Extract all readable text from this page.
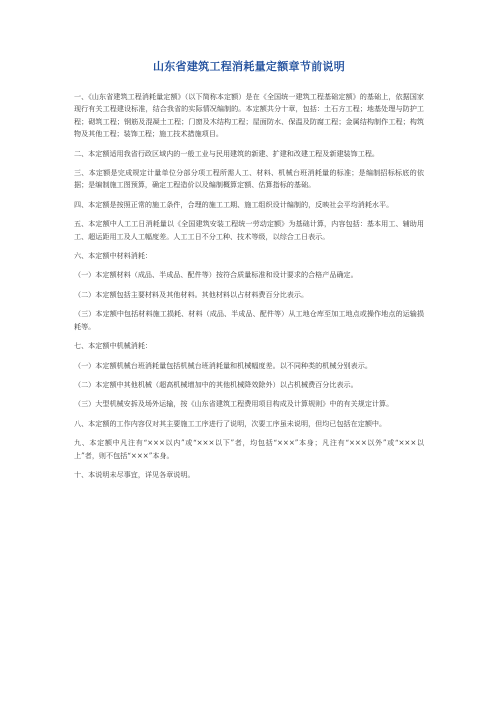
山东省建筑工程消耗量定额章节前说明

一、《山东省建筑工程消耗量定额》（以下简称本定额）是在《全国统一建筑工程基础定额》的基础上，依据国家现行有关工程建设标准，结合我省的实际情况编制的。本定额共分十章，包括：土石方工程；地基处理与防护工程；砌筑工程；钢筋及混凝土工程；门窗及木结构工程；屋面防水、保温及防腐工程；金属结构制作工程；构筑物及其他工程；装饰工程；施工技术措施项目。

二、本定额适用我省行政区域内的一般工业与民用建筑的新建、扩建和改建工程及新建装饰工程。

三、本定额是完成规定计量单位分部分项工程所需人工、材料、机械台班消耗量的标准；是编制招标标底的依据；是编制施工图预算，确定工程造价以及编制概算定额、估算指标的基础。

四、本定额是按照正常的施工条件，合理的施工工期、施工组织设计编制的，反映社会平均消耗水平。

五、本定额中人工工日消耗量以《全国建筑安装工程统一劳动定额》为基础计算，内容包括：基本用工、辅助用工、超运距用工及人工幅度差。人工工日不分工种、技术等级，以综合工日表示。

六、本定额中材料消耗：

（一）本定额材料（成品、半成品、配件等）按符合质量标准和设计要求的合格产品确定。

（二）本定额包括主要材料及其他材料。其他材料以占材料费百分比表示。

（三）本定额中包括材料施工损耗、材料（成品、半成品、配件等）从工地仓库至加工地点或操作地点的运输损耗等。

七、本定额中机械消耗：

（一）本定额机械台班消耗量包括机械台班消耗量和机械幅度差。以不同种类的机械分别表示。

（二）本定额中其他机械（超高机械增加中的其他机械降效除外）以占机械费百分比表示。

（三）大型机械安拆及场外运输，按《山东省建筑工程费用项目构成及计算规则》中的有关规定计算。

八、本定额的工作内容仅对其主要施工工序进行了说明，次要工序虽未说明，但均已包括在定额中。

九、本定额中凡注有“×××以内”或“×××以下”者，均包括“×××”本身；凡注有“×××以外”或“×××以上”者，则不包括“×××”本身。

十、本说明未尽事宜，详见各章说明。
